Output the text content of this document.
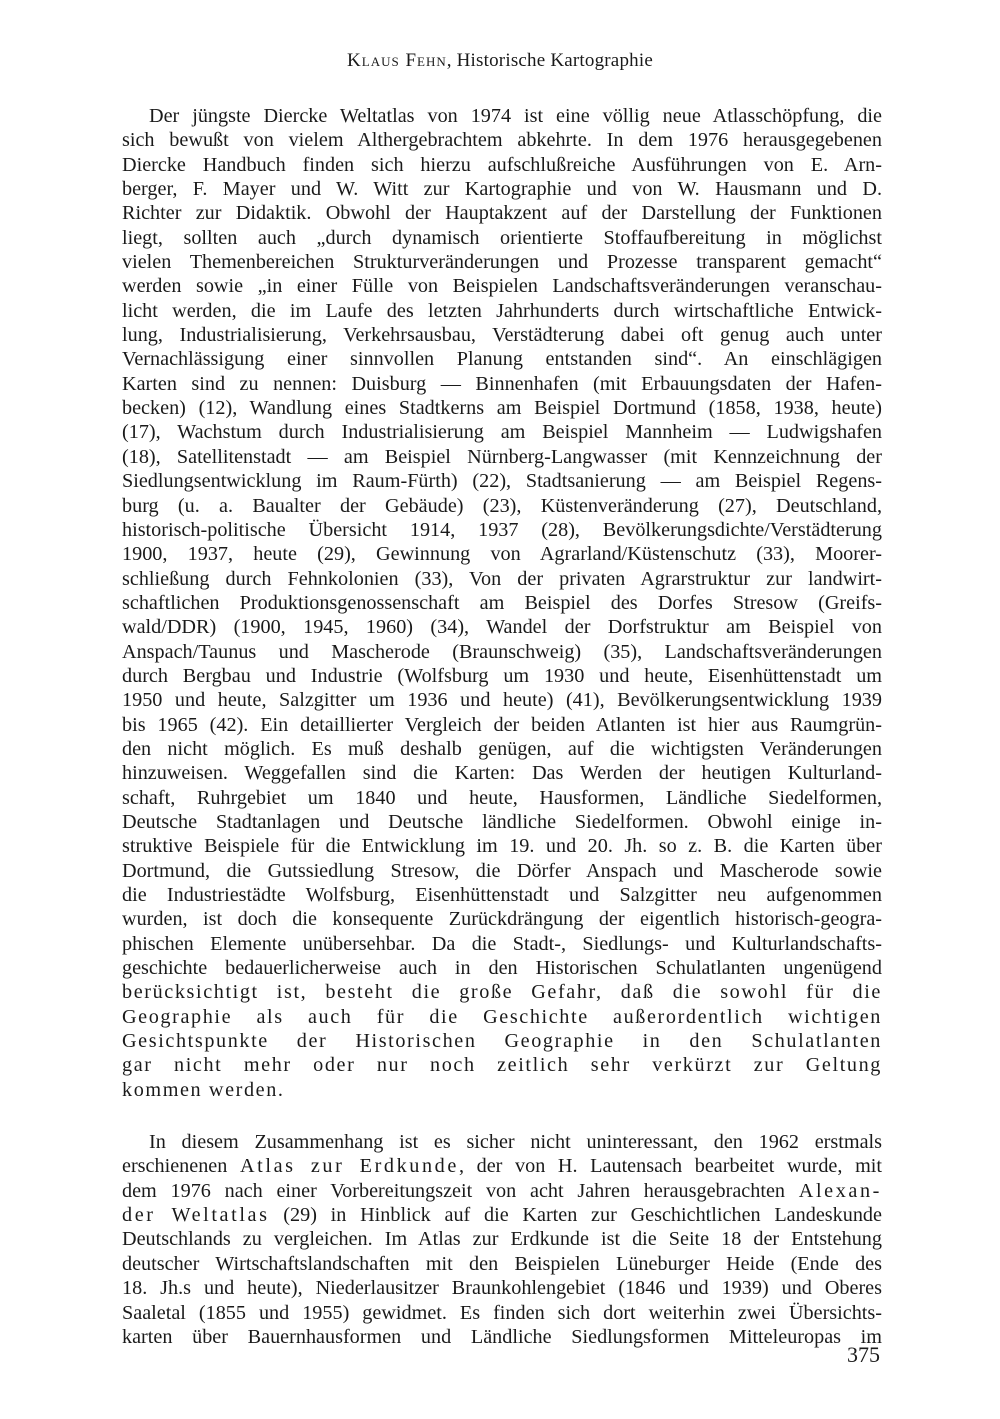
Klaus Fehn, Historische Kartographie
Der jüngste Diercke Weltatlas von 1974 ist eine völlig neue Atlasschöpfung, die
sich bewußt von vielem Althergebrachtem abkehrte. In dem 1976 herausgegebenen
Diercke Handbuch finden sich hierzu aufschlußreiche Ausführungen von E. Arn-
berger, F. Mayer und W. Witt zur Kartographie und von W. Hausmann und D.
Richter zur Didaktik. Obwohl der Hauptakzent auf der Darstellung der Funktionen
liegt, sollten auch „durch dynamisch orientierte Stoffaufbereitung in möglichst
vielen Themenbereichen Strukturveränderungen und Prozesse transparent gemacht“
werden sowie „in einer Fülle von Beispielen Landschaftsveränderungen veranschau-
licht werden, die im Laufe des letzten Jahrhunderts durch wirtschaftliche Entwick-
lung, Industrialisierung, Verkehrsausbau, Verstädterung dabei oft genug auch unter
Vernachlässigung einer sinnvollen Planung entstanden sind“. An einschlägigen
Karten sind zu nennen: Duisburg — Binnenhafen (mit Erbauungsdaten der Hafen-
becken) (12), Wandlung eines Stadtkerns am Beispiel Dortmund (1858, 1938, heute)
(17), Wachstum durch Industrialisierung am Beispiel Mannheim — Ludwigshafen
(18), Satellitenstadt — am Beispiel Nürnberg-Langwasser (mit Kennzeichnung der
Siedlungsentwicklung im Raum-Fürth) (22), Stadtsanierung — am Beispiel Regens-
burg (u. a. Baualter der Gebäude) (23), Küstenveränderung (27), Deutschland,
historisch-politische Übersicht 1914, 1937 (28), Bevölkerungsdichte/Verstädterung
1900, 1937, heute (29), Gewinnung von Agrarland/Küstenschutz (33), Moorer-
schließung durch Fehnkolonien (33), Von der privaten Agrarstruktur zur landwirt-
schaftlichen Produktionsgenossenschaft am Beispiel des Dorfes Stresow (Greifs-
wald/DDR) (1900, 1945, 1960) (34), Wandel der Dorfstruktur am Beispiel von
Anspach/Taunus und Mascherode (Braunschweig) (35), Landschaftsveränderungen
durch Bergbau und Industrie (Wolfsburg um 1930 und heute, Eisenhüttenstadt um
1950 und heute, Salzgitter um 1936 und heute) (41), Bevölkerungsentwicklung 1939
bis 1965 (42). Ein detaillierter Vergleich der beiden Atlanten ist hier aus Raumgrün-
den nicht möglich. Es muß deshalb genügen, auf die wichtigsten Veränderungen
hinzuweisen. Weggefallen sind die Karten: Das Werden der heutigen Kulturland-
schaft, Ruhrgebiet um 1840 und heute, Hausformen, Ländliche Siedelformen,
Deutsche Stadtanlagen und Deutsche ländliche Siedelformen. Obwohl einige in-
struktive Beispiele für die Entwicklung im 19. und 20. Jh. so z. B. die Karten über
Dortmund, die Gutssiedlung Stresow, die Dörfer Anspach und Mascherode sowie
die Industriestädte Wolfsburg, Eisenhüttenstadt und Salzgitter neu aufgenommen
wurden, ist doch die konsequente Zurückdrängung der eigentlich historisch-geogra-
phischen Elemente unübersehbar. Da die Stadt-, Siedlungs- und Kulturlandschafts-
geschichte bedauerlicherweise auch in den Historischen Schulatlanten ungenügend
berücksichtigt ist, besteht die große Gefahr, daß die sowohl für die
Geographie als auch für die Geschichte außerordentlich wichtigen
Gesichtspunkte der Historischen Geographie in den Schulatlanten
gar nicht mehr oder nur noch zeitlich sehr verkürzt zur Geltung
kommen werden.
In diesem Zusammenhang ist es sicher nicht uninteressant, den 1962 erstmals
erschienenen Atlas zur Erdkunde, der von H. Lautensach bearbeitet wurde, mit
dem 1976 nach einer Vorbereitungszeit von acht Jahren herausgebrachten Alexan-
der Weltatlas (29) in Hinblick auf die Karten zur Geschichtlichen Landeskunde
Deutschlands zu vergleichen. Im Atlas zur Erdkunde ist die Seite 18 der Entstehung
deutscher Wirtschaftslandschaften mit den Beispielen Lüneburger Heide (Ende des
18. Jh.s und heute), Niederlausitzer Braunkohlengebiet (1846 und 1939) und Oberes
Saaletal (1855 und 1955) gewidmet. Es finden sich dort weiterhin zwei Übersichts-
karten über Bauernhausformen und Ländliche Siedlungsformen Mitteleuropas im
375
